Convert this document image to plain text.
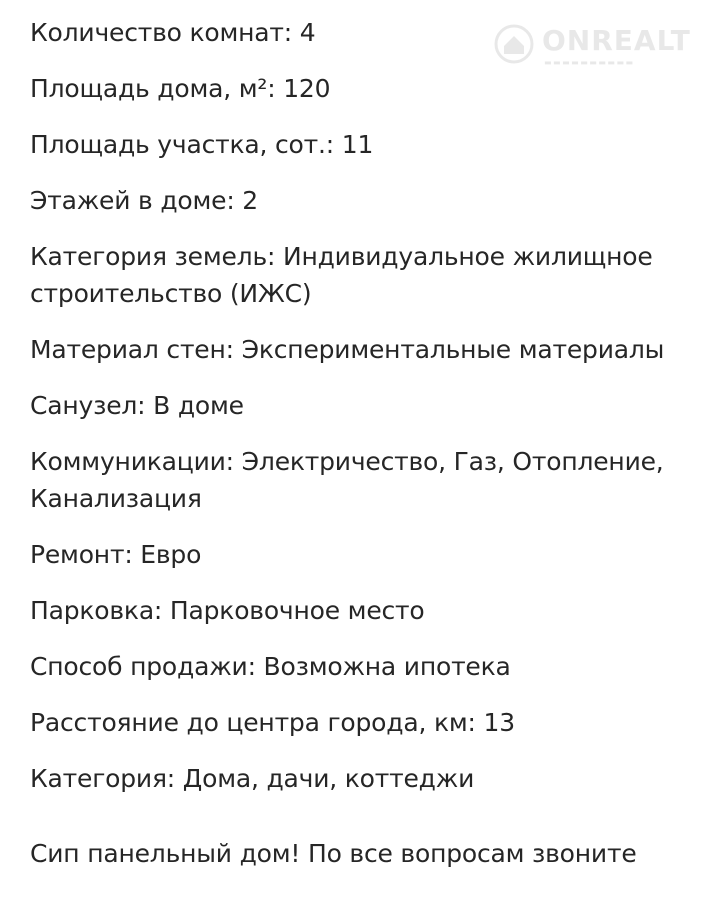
Количество комнат: 4
Площадь дома, м²: 120
Площадь участка, сот.: 11
Этажей в доме: 2
Категория земель: Индивидуальное жилищное строительство (ИЖС)
Материал стен: Экспериментальные материалы
Санузел: В доме
Коммуникации: Электричество, Газ, Отопление, Канализация
Ремонт: Евро
Парковка: Парковочное место
Способ продажи: Возможна ипотека
Расстояние до центра города, км: 13
Категория: Дома, дачи, коттеджи
Сип панельный дом! По все вопросам звоните
ONREALT
▬▬▬▬▬▬▬▬▬▬
